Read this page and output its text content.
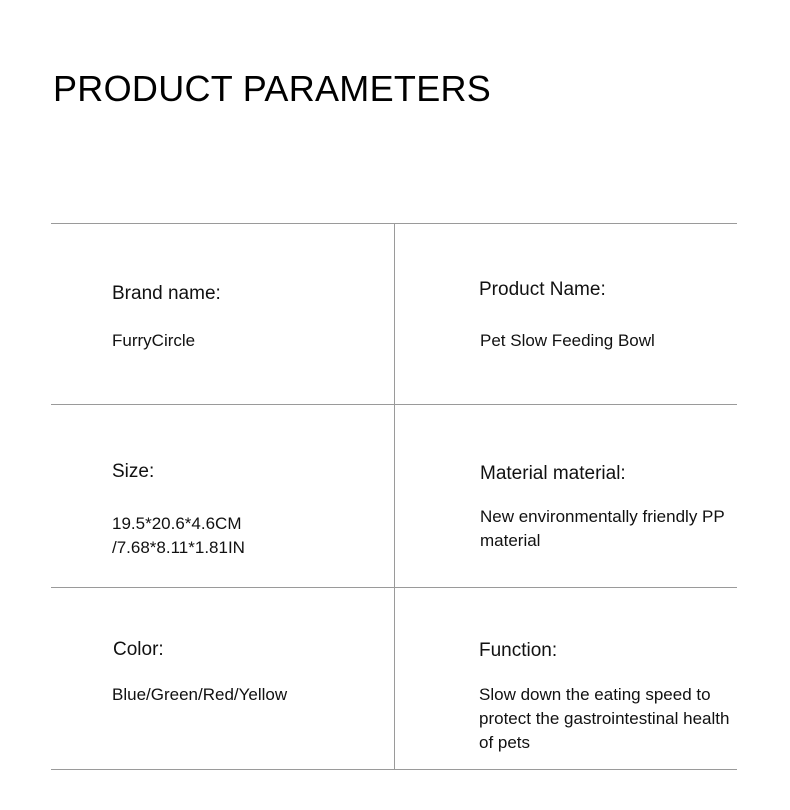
PRODUCT PARAMETERS
Brand name:
FurryCircle
Product Name:
Pet Slow Feeding Bowl
Size:
19.5*20.6*4.6CM
/7.68*8.11*1.81IN
Material material:
New environmentally friendly PP
material
Color:
Blue/Green/Red/Yellow
Function:
Slow down the eating speed to
protect the gastrointestinal health
of pets
